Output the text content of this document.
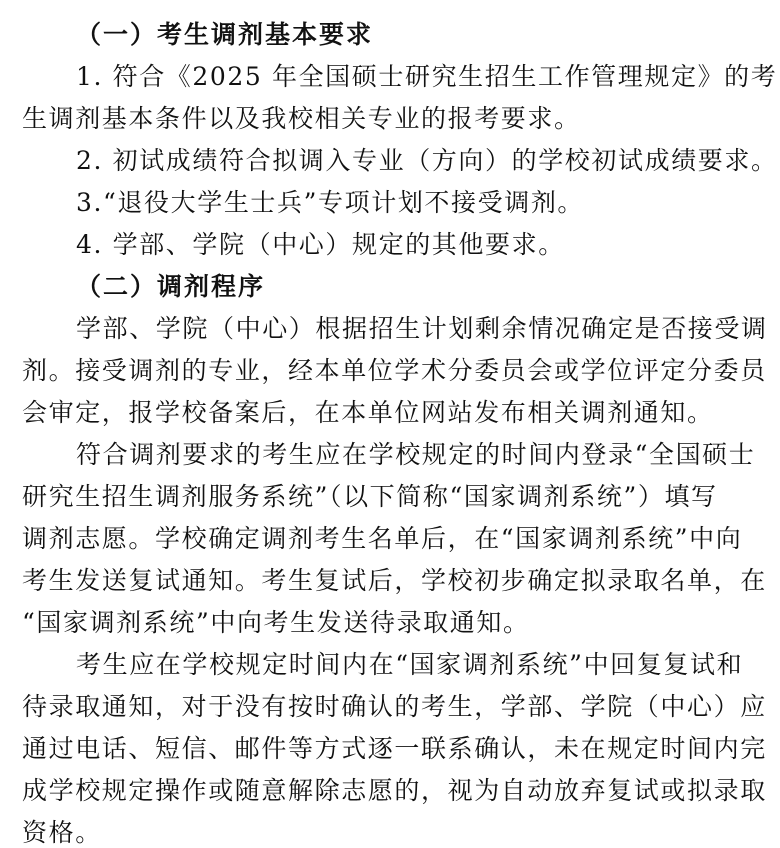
（一）考生调剂基本要求
1. 符合《2025 年全国硕士研究生招生工作管理规定》的考
生调剂基本条件以及我校相关专业的报考要求。
2. 初试成绩符合拟调入专业（方向）的学校初试成绩要求。
3.“退役大学生士兵”专项计划不接受调剂。
4. 学部、学院（中心）规定的其他要求。
（二）调剂程序
学部、学院（中心）根据招生计划剩余情况确定是否接受调
剂。接受调剂的专业，经本单位学术分委员会或学位评定分委员
会审定，报学校备案后，在本单位网站发布相关调剂通知。
符合调剂要求的考生应在学校规定的时间内登录“全国硕士
研究生招生调剂服务系统”（以下简称“国家调剂系统”）填写
调剂志愿。学校确定调剂考生名单后，在“国家调剂系统”中向
考生发送复试通知。考生复试后，学校初步确定拟录取名单，在
“国家调剂系统”中向考生发送待录取通知。
考生应在学校规定时间内在“国家调剂系统”中回复复试和
待录取通知，对于没有按时确认的考生，学部、学院（中心）应
通过电话、短信、邮件等方式逐一联系确认，未在规定时间内完
成学校规定操作或随意解除志愿的，视为自动放弃复试或拟录取
资格。
